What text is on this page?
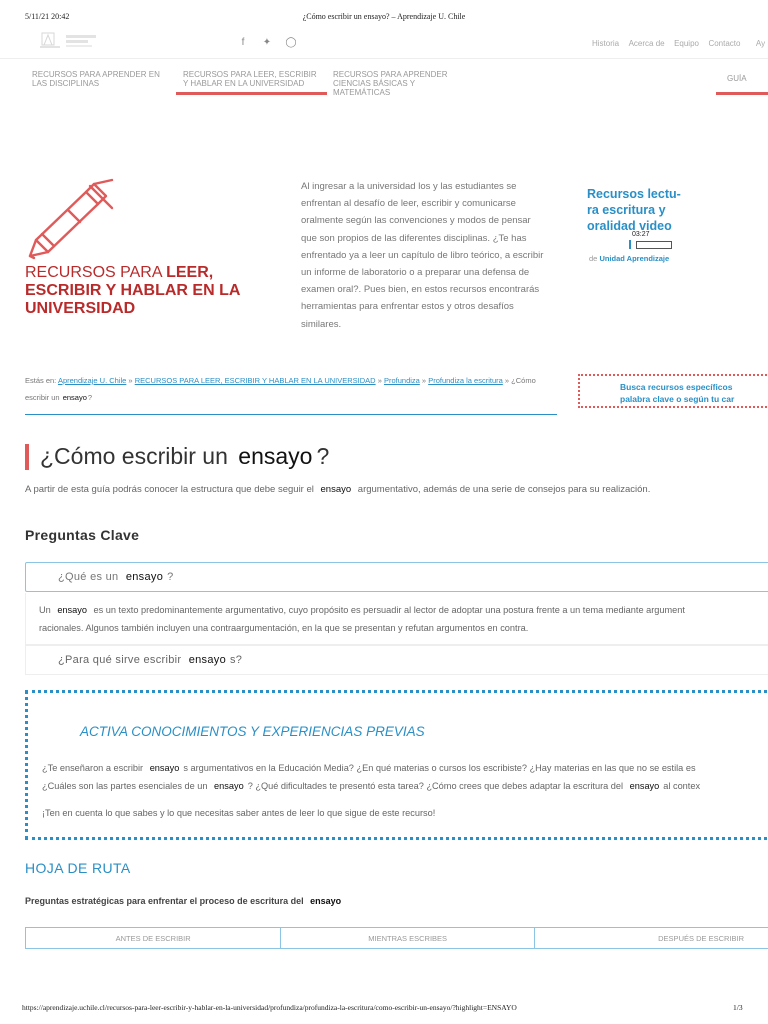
5/11/21 20:42	¿Cómo escribir un ensayo? – Aprendizaje U. Chile
f ✦ ◯	Historia Acerca de Equipo Contacto Ay
RECURSOS PARA APRENDER EN LAS DISCIPLINAS
RECURSOS PARA LEER, ESCRIBIR Y HABLAR EN LA UNIVERSIDAD
RECURSOS PARA APRENDER CIENCIAS BÁSICAS Y MATEMÁTICAS
GUÍA
RECURSOS PARA LEER,
ESCRIBIR Y HABLAR EN LA
UNIVERSIDAD
Al ingresar a la universidad los y las estudiantes se
enfrentan al desafío de leer, escribir y comunicarse
oralmente según las convenciones y modos de pensar
que son propios de las diferentes disciplinas. ¿Te has
enfrentado ya a leer un capítulo de libro teórico, a escribir
un informe de laboratorio o a preparar una defensa de
examen oral?. Pues bien, en estos recursos encontrarás
herramientas para enfrentar estos y otros desafíos
similares.
Recursos lectu-
ra escritura y
oralidad video
03:27
de Unidad Aprendizaje
Estás en: Aprendizaje U. Chile » RECURSOS PARA LEER, ESCRIBIR Y HABLAR EN LA UNIVERSIDAD » Profundiza » Profundiza la escritura » ¿Cómo
escribir un ensayo?
Busca recursos específicos
palabra clave o según tu car
¿Cómo escribir un ensayo ?
A partir de esta guía podrás conocer la estructura que debe seguir el ensayo argumentativo, además de una serie de consejos para su realización.
Preguntas Clave
¿Qué es un ensayo ?
Un ensayo es un texto predominantemente argumentativo, cuyo propósito es persuadir al lector de adoptar una postura frente a un tema mediante argument
racionales. Algunos también incluyen una contraargumentación, en la que se presentan y refutan argumentos en contra.
¿Para qué sirve escribir ensayo s?
ACTIVA CONOCIMIENTOS Y EXPERIENCIAS PREVIAS
¿Te enseñaron a escribir ensayo s argumentativos en la Educación Media? ¿En qué materias o cursos los escribiste? ¿Hay materias en las que no se estila es
¿Cuáles son las partes esenciales de un ensayo ? ¿Qué dificultades te presentó esta tarea? ¿Cómo crees que debes adaptar la escritura del ensayo al contex
¡Ten en cuenta lo que sabes y lo que necesitas saber antes de leer lo que sigue de este recurso!
HOJA DE RUTA
Preguntas estratégicas para enfrentar el proceso de escritura del ensayo
ANTES DE ESCRIBIR	MIENTRAS ESCRIBES	DESPUÉS DE ESCRIBIR
https://aprendizaje.uchile.cl/recursos-para-leer-escribir-y-hablar-en-la-universidad/profundiza/profundiza-la-escritura/como-escribir-un-ensayo/?highlight=ENSAYO	1/3
